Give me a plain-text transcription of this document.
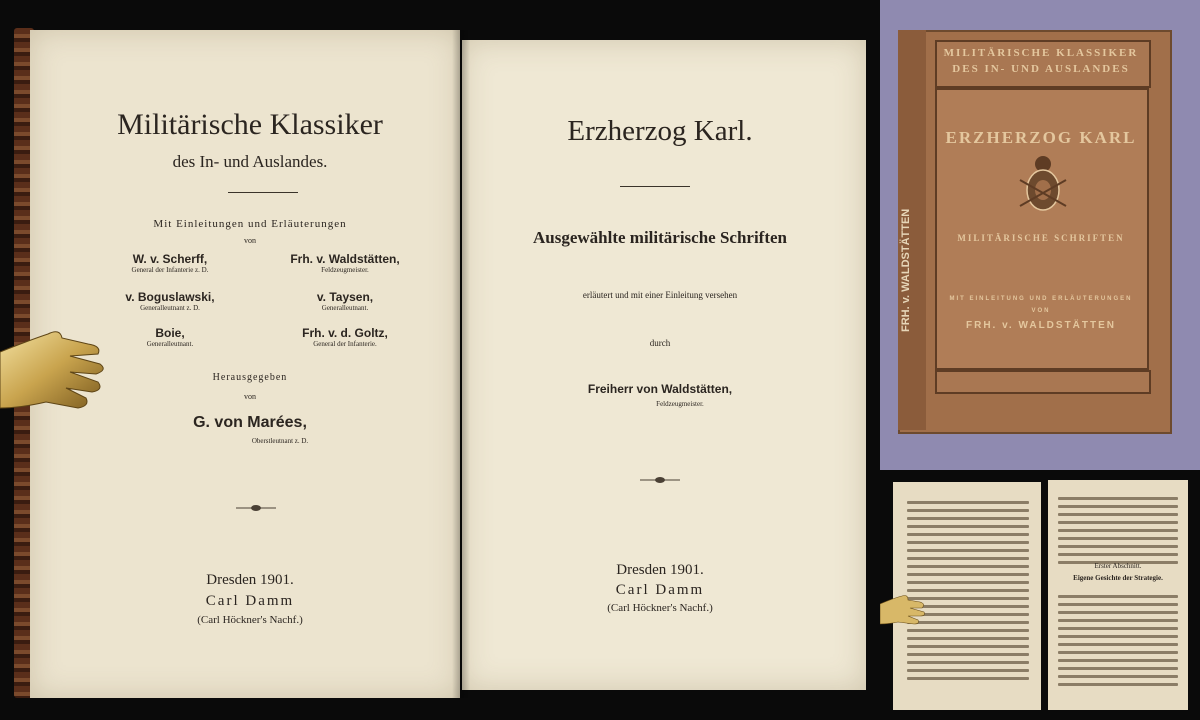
Militärische Klassiker
des In- und Auslandes.
Mit Einleitungen und Erläuterungen
von
W. v. Scherff,
General der Infanterie z. D.
Frh. v. Waldstätten,
Feldzeugmeister.
v. Boguslawski,
Generalleutnant z. D.
v. Taysen,
Generalleutnant.
Boie,
Generalleutnant.
Frh. v. d. Goltz,
General der Infanterie.
Herausgegeben
von
G. von Marées,
Oberstleutnant z. D.
Dresden 1901.
Carl Damm
(Carl Höckner's Nachf.)
Erzherzog Karl.
Ausgewählte militärische Schriften
erläutert und mit einer Einleitung versehen
durch
Freiherr von Waldstätten,
Feldzeugmeister.
Dresden 1901.
Carl Damm
(Carl Höckner's Nachf.)
FRH. v. WALDSTÄTTEN
MILITÄRISCHE KLASSIKER
DES IN- UND AUSLANDES
ERZHERZOG KARL
MILITÄRISCHE SCHRIFTEN
MIT EINLEITUNG UND ERLÄUTERUNGEN
VON
FRH. v. WALDSTÄTTEN
Erster Abschnitt.
Eigene Gesichte der Strategie.
